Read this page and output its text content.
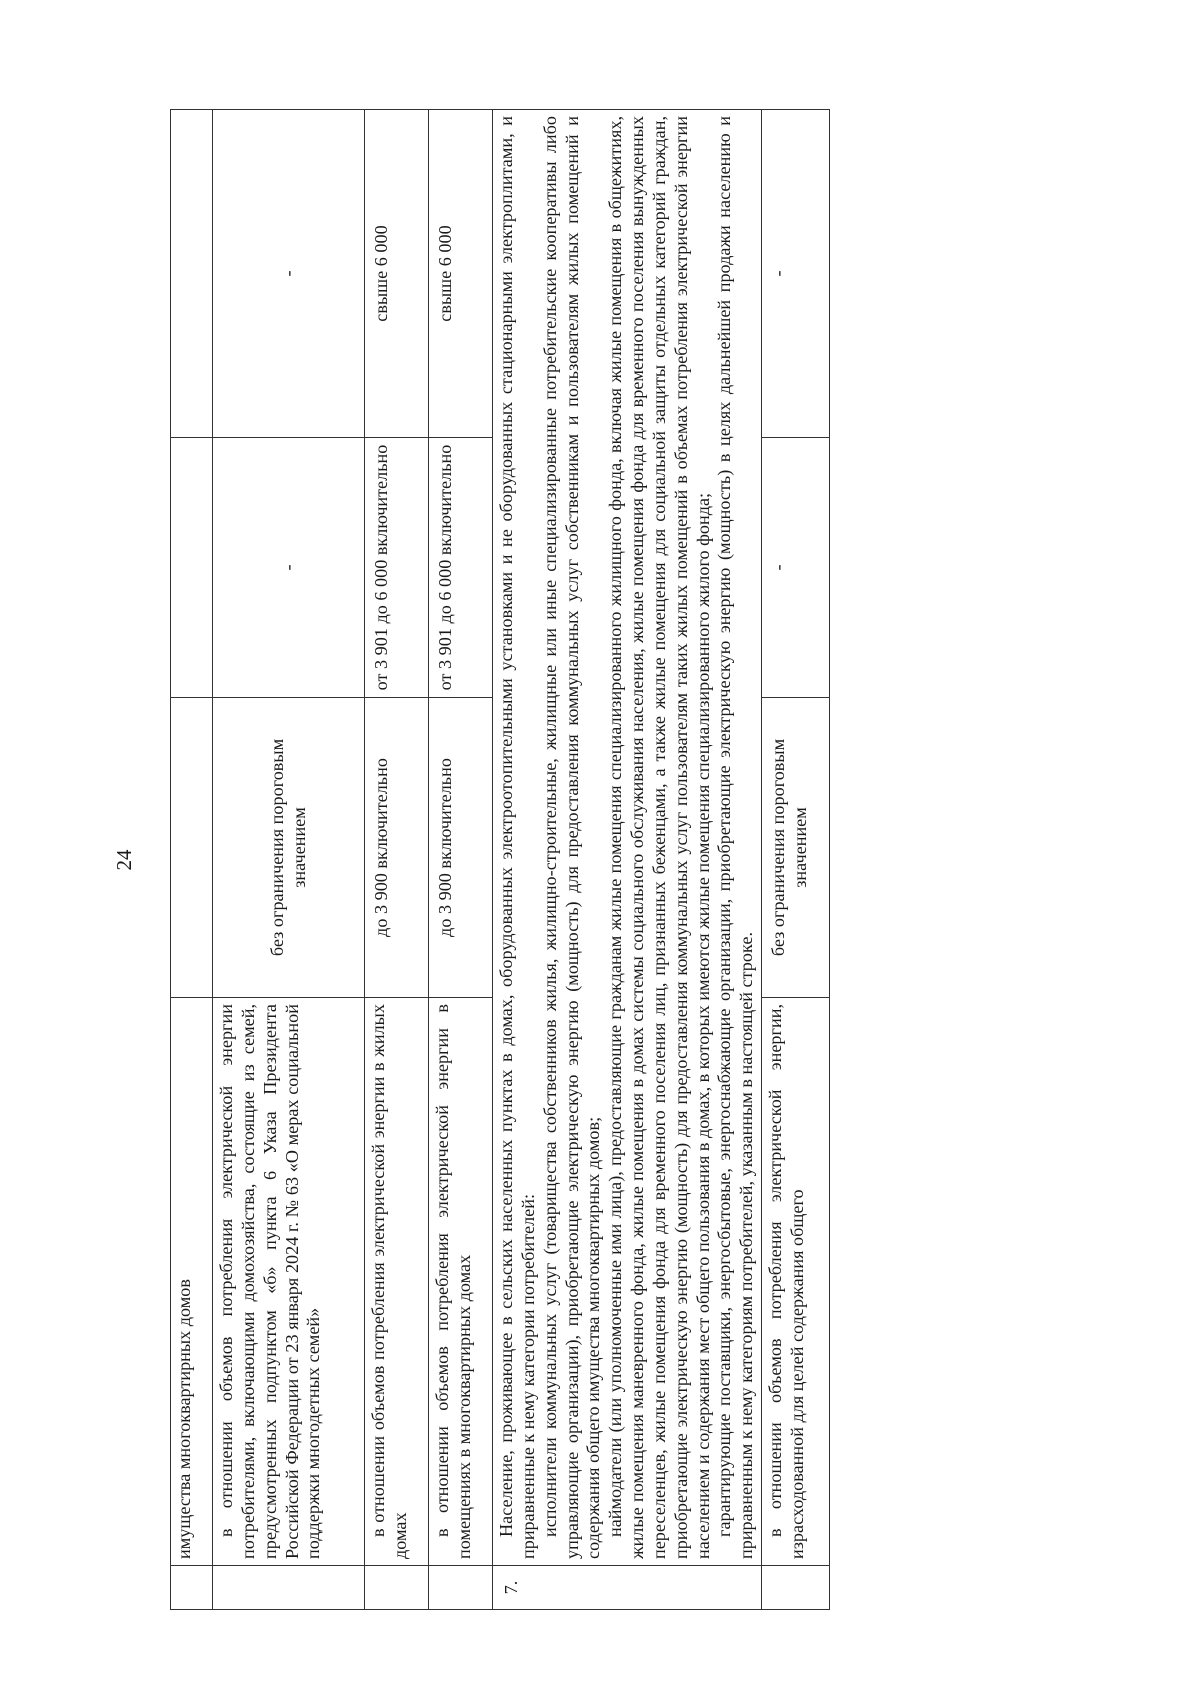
24
	имущества многоквартирных домов			
	в отношении объемов потребления электрической энергии потребителями, включающими домохозяйства, состоящие из семей, предусмотренных подпунктом «б» пункта 6 Указа Президента Российской Федерации от 23 января 2024 г. № 63 «О мерах социальной поддержки многодетных семей»	без ограничения пороговым значением	-	-
	в отношении объемов потребления электрической энергии в жилых домах	до 3 900 включительно	от 3 901 до 6 000 включительно	свыше 6 000
	в отношении объемов потребления электрической энергии в помещениях в многоквартирных домах	до 3 900 включительно	от 3 901 до 6 000 включительно	свыше 6 000
7.	Население, проживающее в сельских населенных пунктах в домах, оборудованных электроотопительными установками и не оборудованных стационарными электроплитами, и приравненные к нему категории потребителей: исполнители коммунальных услуг (товарищества собственников жилья, жилищно-строительные, жилищные или иные специализированные потребительские кооперативы либо управляющие организации), приобретающие электрическую энергию (мощность) для предоставления коммунальных услуг собственникам и пользователям жилых помещений и содержания общего имущества многоквартирных домов; наймодатели (или уполномоченные ими лица), предоставляющие гражданам жилые помещения специализированного жилищного фонда, включая жилые помещения в общежитиях, жилые помещения маневренного фонда, жилые помещения в домах системы социального обслуживания населения, жилые помещения фонда для временного поселения вынужденных переселенцев, жилые помещения фонда для временного поселения лиц, признанных беженцами, а также жилые помещения для социальной защиты отдельных категорий граждан, приобретающие электрическую энергию (мощность) для предоставления коммунальных услуг пользователям таких жилых помещений в объемах потребления электрической энергии населением и содержания мест общего пользования в домах, в которых имеются жилые помещения специализированного жилого фонда; гарантирующие поставщики, энергосбытовые, энергоснабжающие организации, приобретающие электрическую энергию (мощность) в целях дальнейшей продажи населению и приравненным к нему категориям потребителей, указанным в настоящей строке.			

	в отношении объемов потребления электрической энергии, израсходованной для целей содержания общего	без ограничения пороговым значением	-	-
